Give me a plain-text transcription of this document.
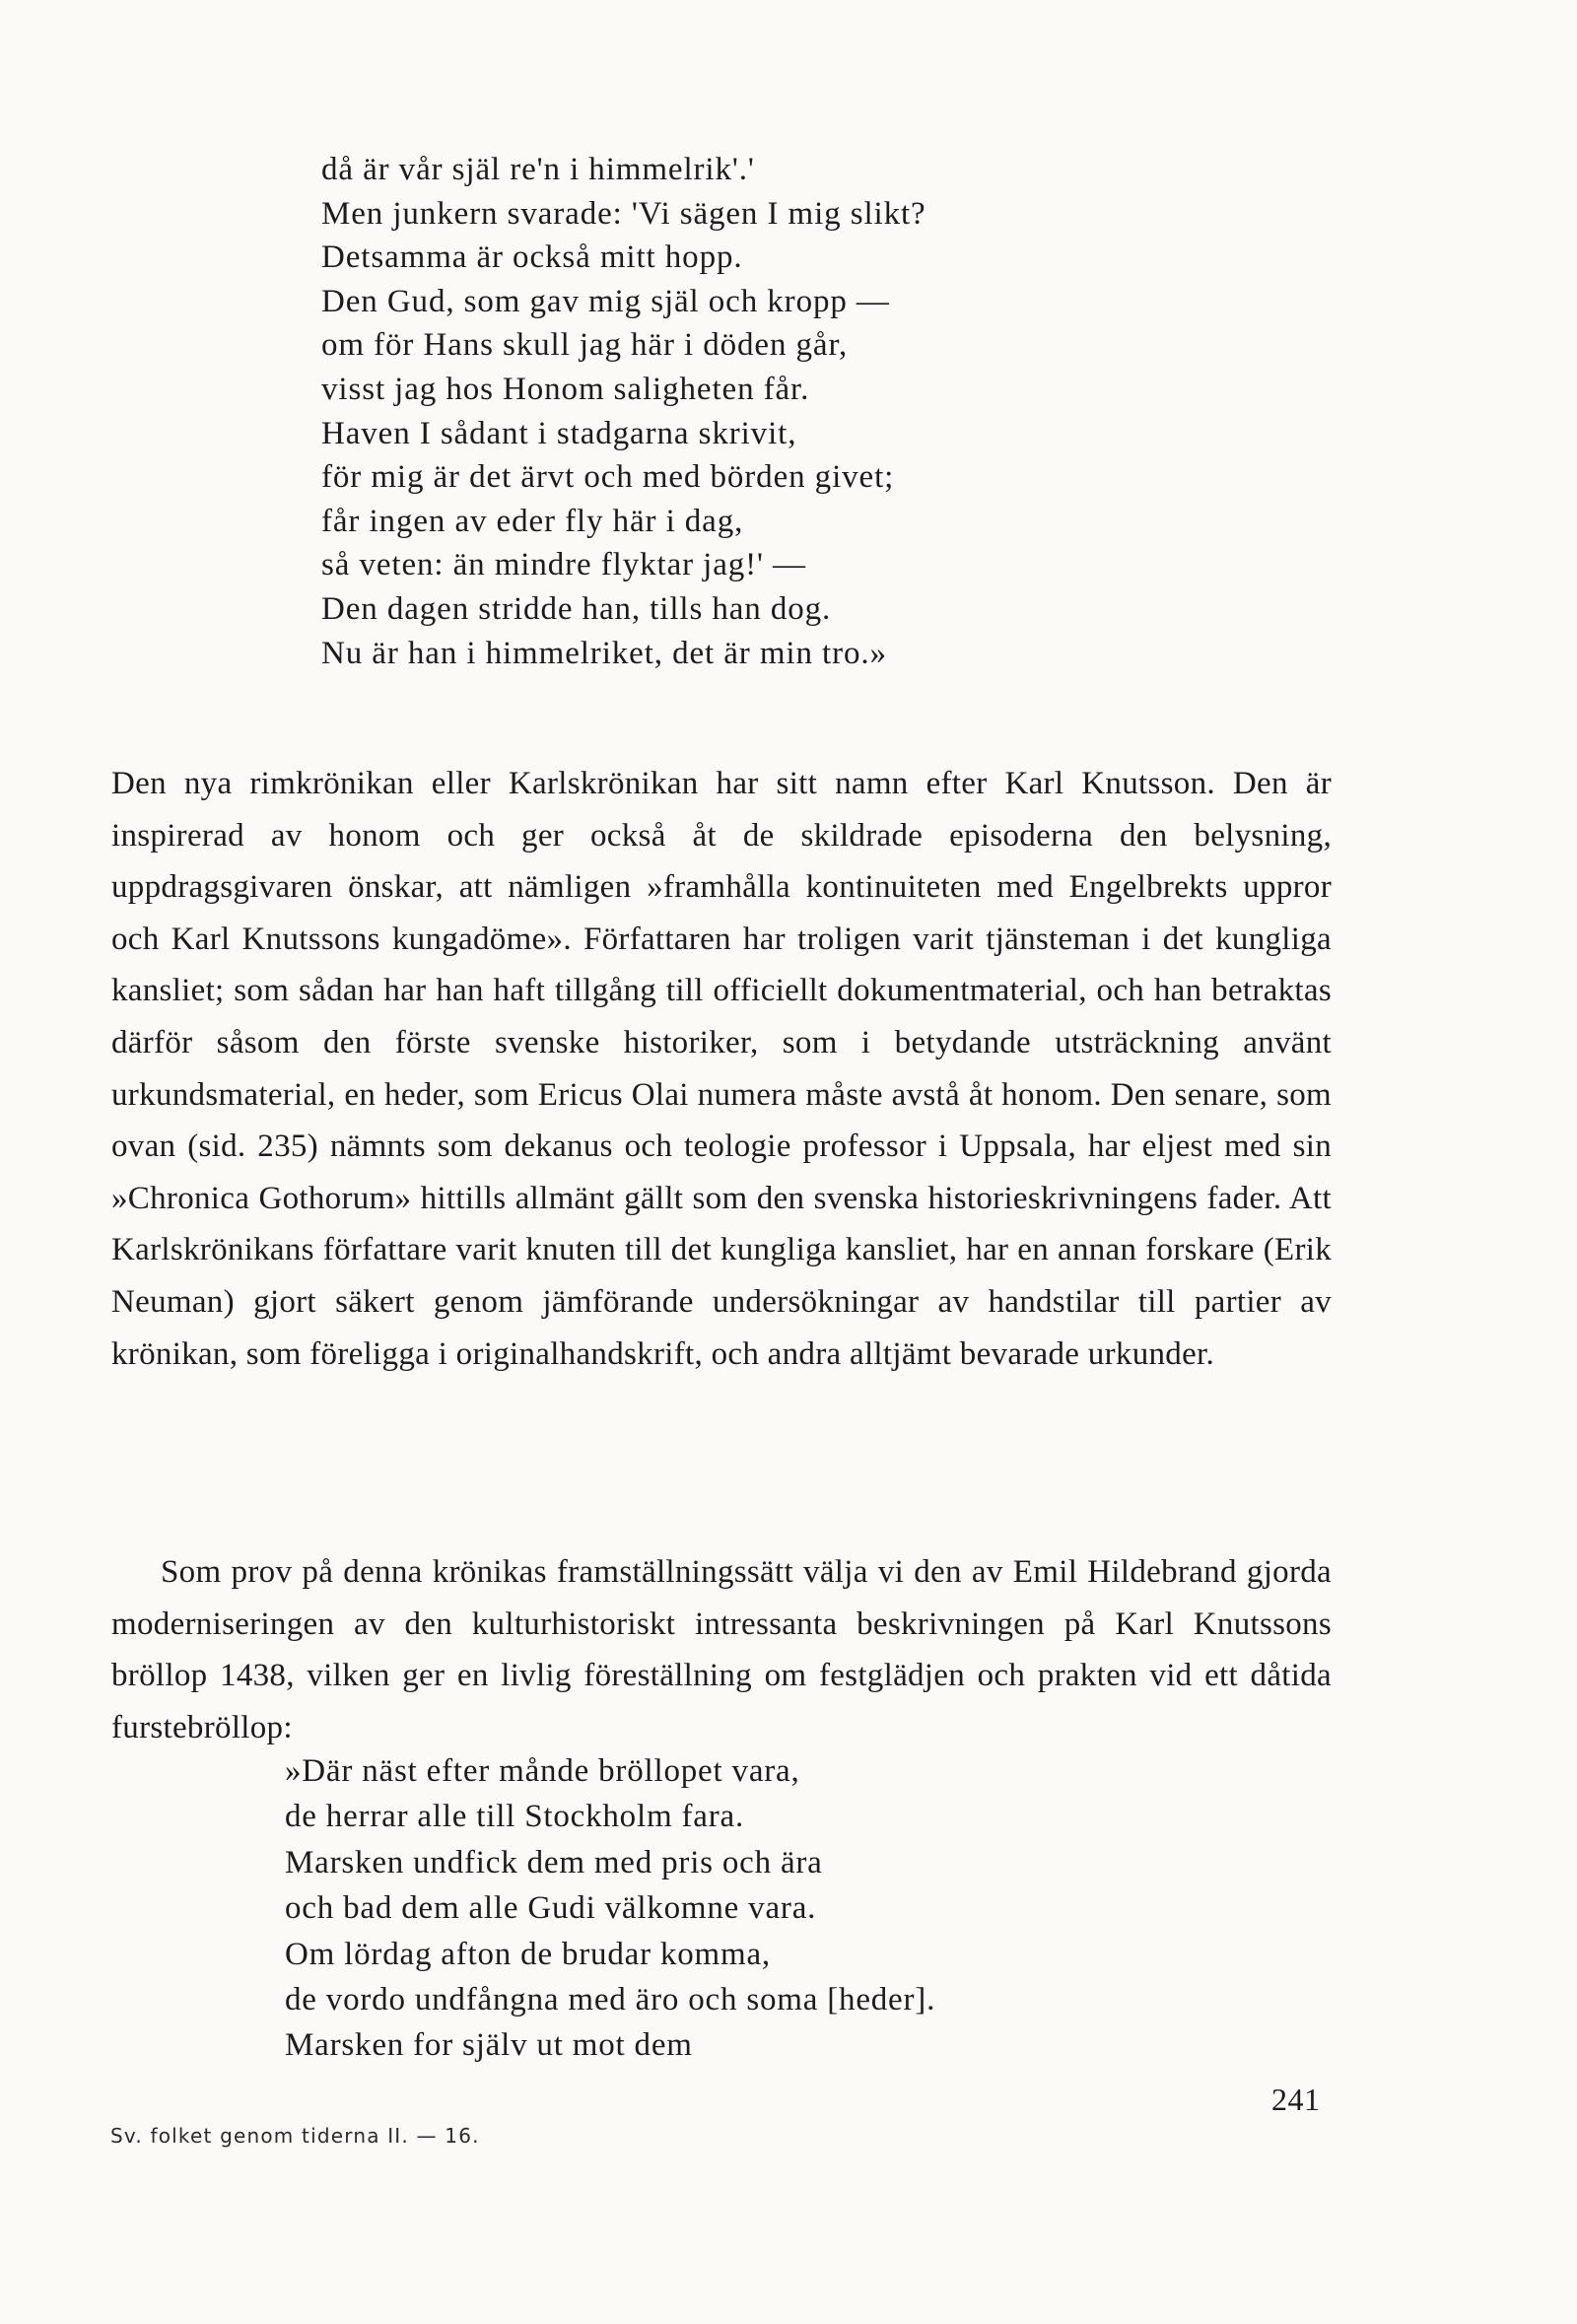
då är vår själ re'n i himmelrik'.'
Men junkern svarade: 'Vi sägen I mig slikt?
Detsamma är också mitt hopp.
Den Gud, som gav mig själ och kropp —
om för Hans skull jag här i döden går,
visst jag hos Honom saligheten får.
Haven I sådant i stadgarna skrivit,
för mig är det ärvt och med börden givet;
får ingen av eder fly här i dag,
så veten: än mindre flyktar jag!' —
Den dagen stridde han, tills han dog.
Nu är han i himmelriket, det är min tro.»

Den nya rimkrönikan eller Karlskrönikan har sitt namn efter Karl Knutsson. Den är inspirerad av honom och ger också åt de skildrade episoderna den belysning, uppdragsgivaren önskar, att nämligen »framhålla kontinuiteten med Engelbrekts uppror och Karl Knutssons kungadöme». Författaren har troligen varit tjänsteman i det kungliga kansliet; som sådan har han haft tillgång till officiellt dokumentmaterial, och han betraktas därför såsom den förste svenske historiker, som i betydande utsträckning använt urkundsmaterial, en heder, som Ericus Olai numera måste avstå åt honom. Den senare, som ovan (sid. 235) nämnts som dekanus och teologie professor i Uppsala, har eljest med sin »Chronica Gothorum» hittills allmänt gällt som den svenska historieskrivningens fader. Att Karlskrönikans författare varit knuten till det kungliga kansliet, har en annan forskare (Erik Neuman) gjort säkert genom jämförande undersökningar av handstilar till partier av krönikan, som föreligga i originalhandskrift, och andra alltjämt bevarade urkunder.

Som prov på denna krönikas framställningssätt välja vi den av Emil Hildebrand gjorda moderniseringen av den kulturhistoriskt intressanta beskrivningen på Karl Knutssons bröllop 1438, vilken ger en livlig föreställning om festglädjen och prakten vid ett dåtida furstebröllop:

»Där näst efter månde bröllopet vara,
de herrar alle till Stockholm fara.
Marsken undfick dem med pris och ära
och bad dem alle Gudi välkomne vara.
Om lördag afton de brudar komma,
de vordo undfångna med äro och soma [heder].
Marsken for själv ut mot dem
241
Sv. folket genom tiderna II. — 16.
